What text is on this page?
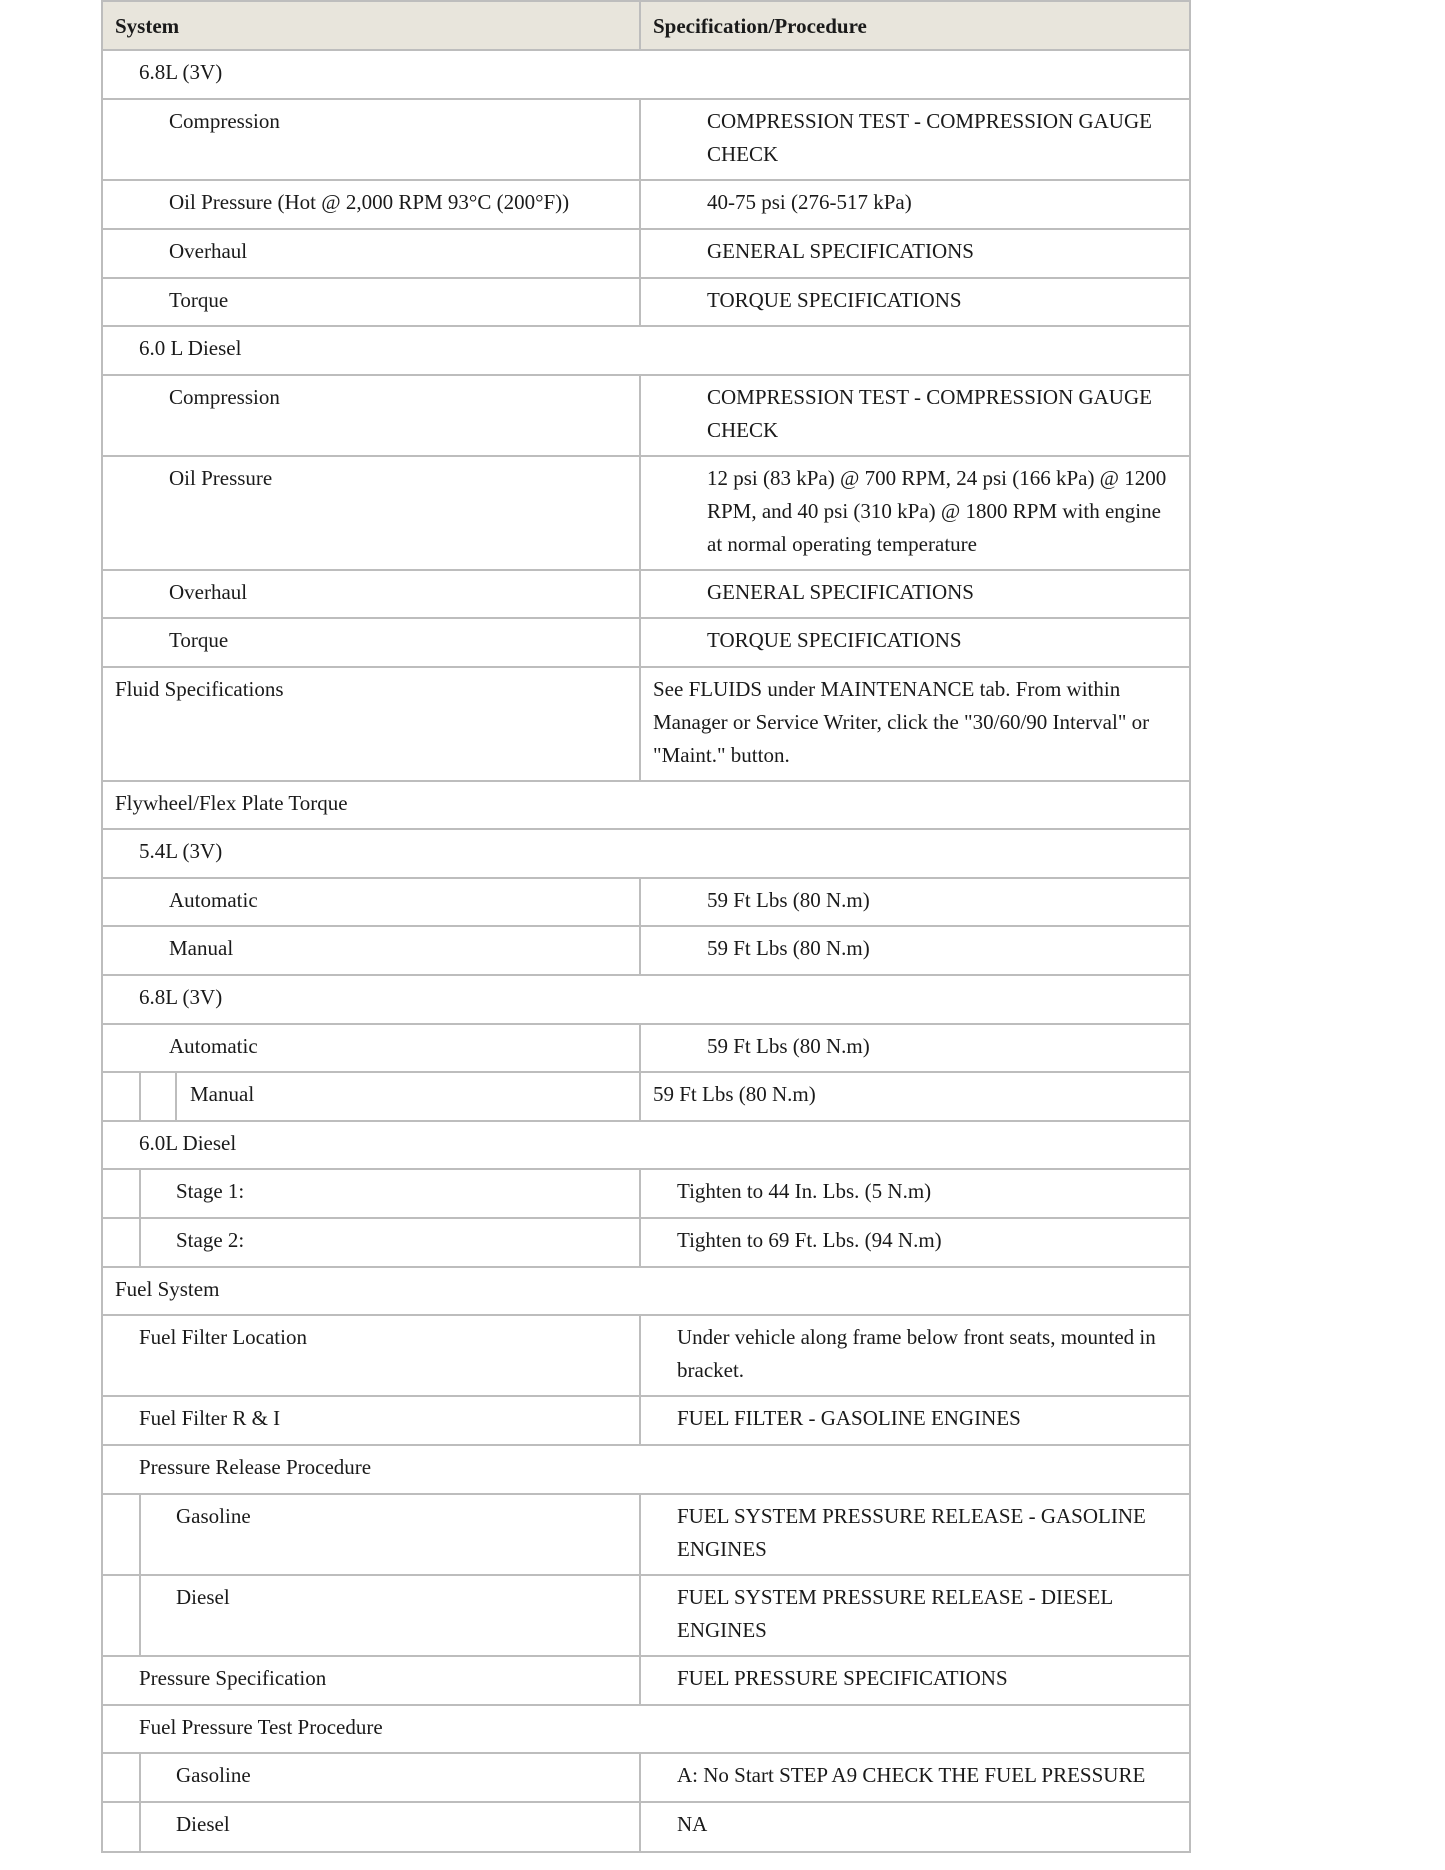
System	Specification/Procedure
6.8L (3V)
Compression	COMPRESSION TEST - COMPRESSION GAUGE
CHECK
Oil Pressure (Hot @ 2,000 RPM 93°C (200°F))	40-75 psi (276-517 kPa)
Overhaul	GENERAL SPECIFICATIONS
Torque	TORQUE SPECIFICATIONS
6.0 L Diesel
Compression	COMPRESSION TEST - COMPRESSION GAUGE
CHECK
Oil Pressure	12 psi (83 kPa) @ 700 RPM, 24 psi (166 kPa) @ 1200
RPM, and 40 psi (310 kPa) @ 1800 RPM with engine
at normal operating temperature
Overhaul	GENERAL SPECIFICATIONS
Torque	TORQUE SPECIFICATIONS
Fluid Specifications	See FLUIDS under MAINTENANCE tab. From within
Manager or Service Writer, click the "30/60/90 Interval" or
"Maint." button.
Flywheel/Flex Plate Torque
5.4L (3V)
Automatic	59 Ft Lbs (80 N.m)
Manual	59 Ft Lbs (80 N.m)
6.8L (3V)
Automatic	59 Ft Lbs (80 N.m)
Manual	59 Ft Lbs (80 N.m)
6.0L Diesel
Stage 1:	Tighten to 44 In. Lbs. (5 N.m)
Stage 2:	Tighten to 69 Ft. Lbs. (94 N.m)
Fuel System
Fuel Filter Location	Under vehicle along frame below front seats, mounted in
bracket.
Fuel Filter R & I	FUEL FILTER - GASOLINE ENGINES
Pressure Release Procedure
Gasoline	FUEL SYSTEM PRESSURE RELEASE - GASOLINE
ENGINES
Diesel	FUEL SYSTEM PRESSURE RELEASE - DIESEL
ENGINES
Pressure Specification	FUEL PRESSURE SPECIFICATIONS
Fuel Pressure Test Procedure
Gasoline	A: No Start STEP A9 CHECK THE FUEL PRESSURE
Diesel	NA
